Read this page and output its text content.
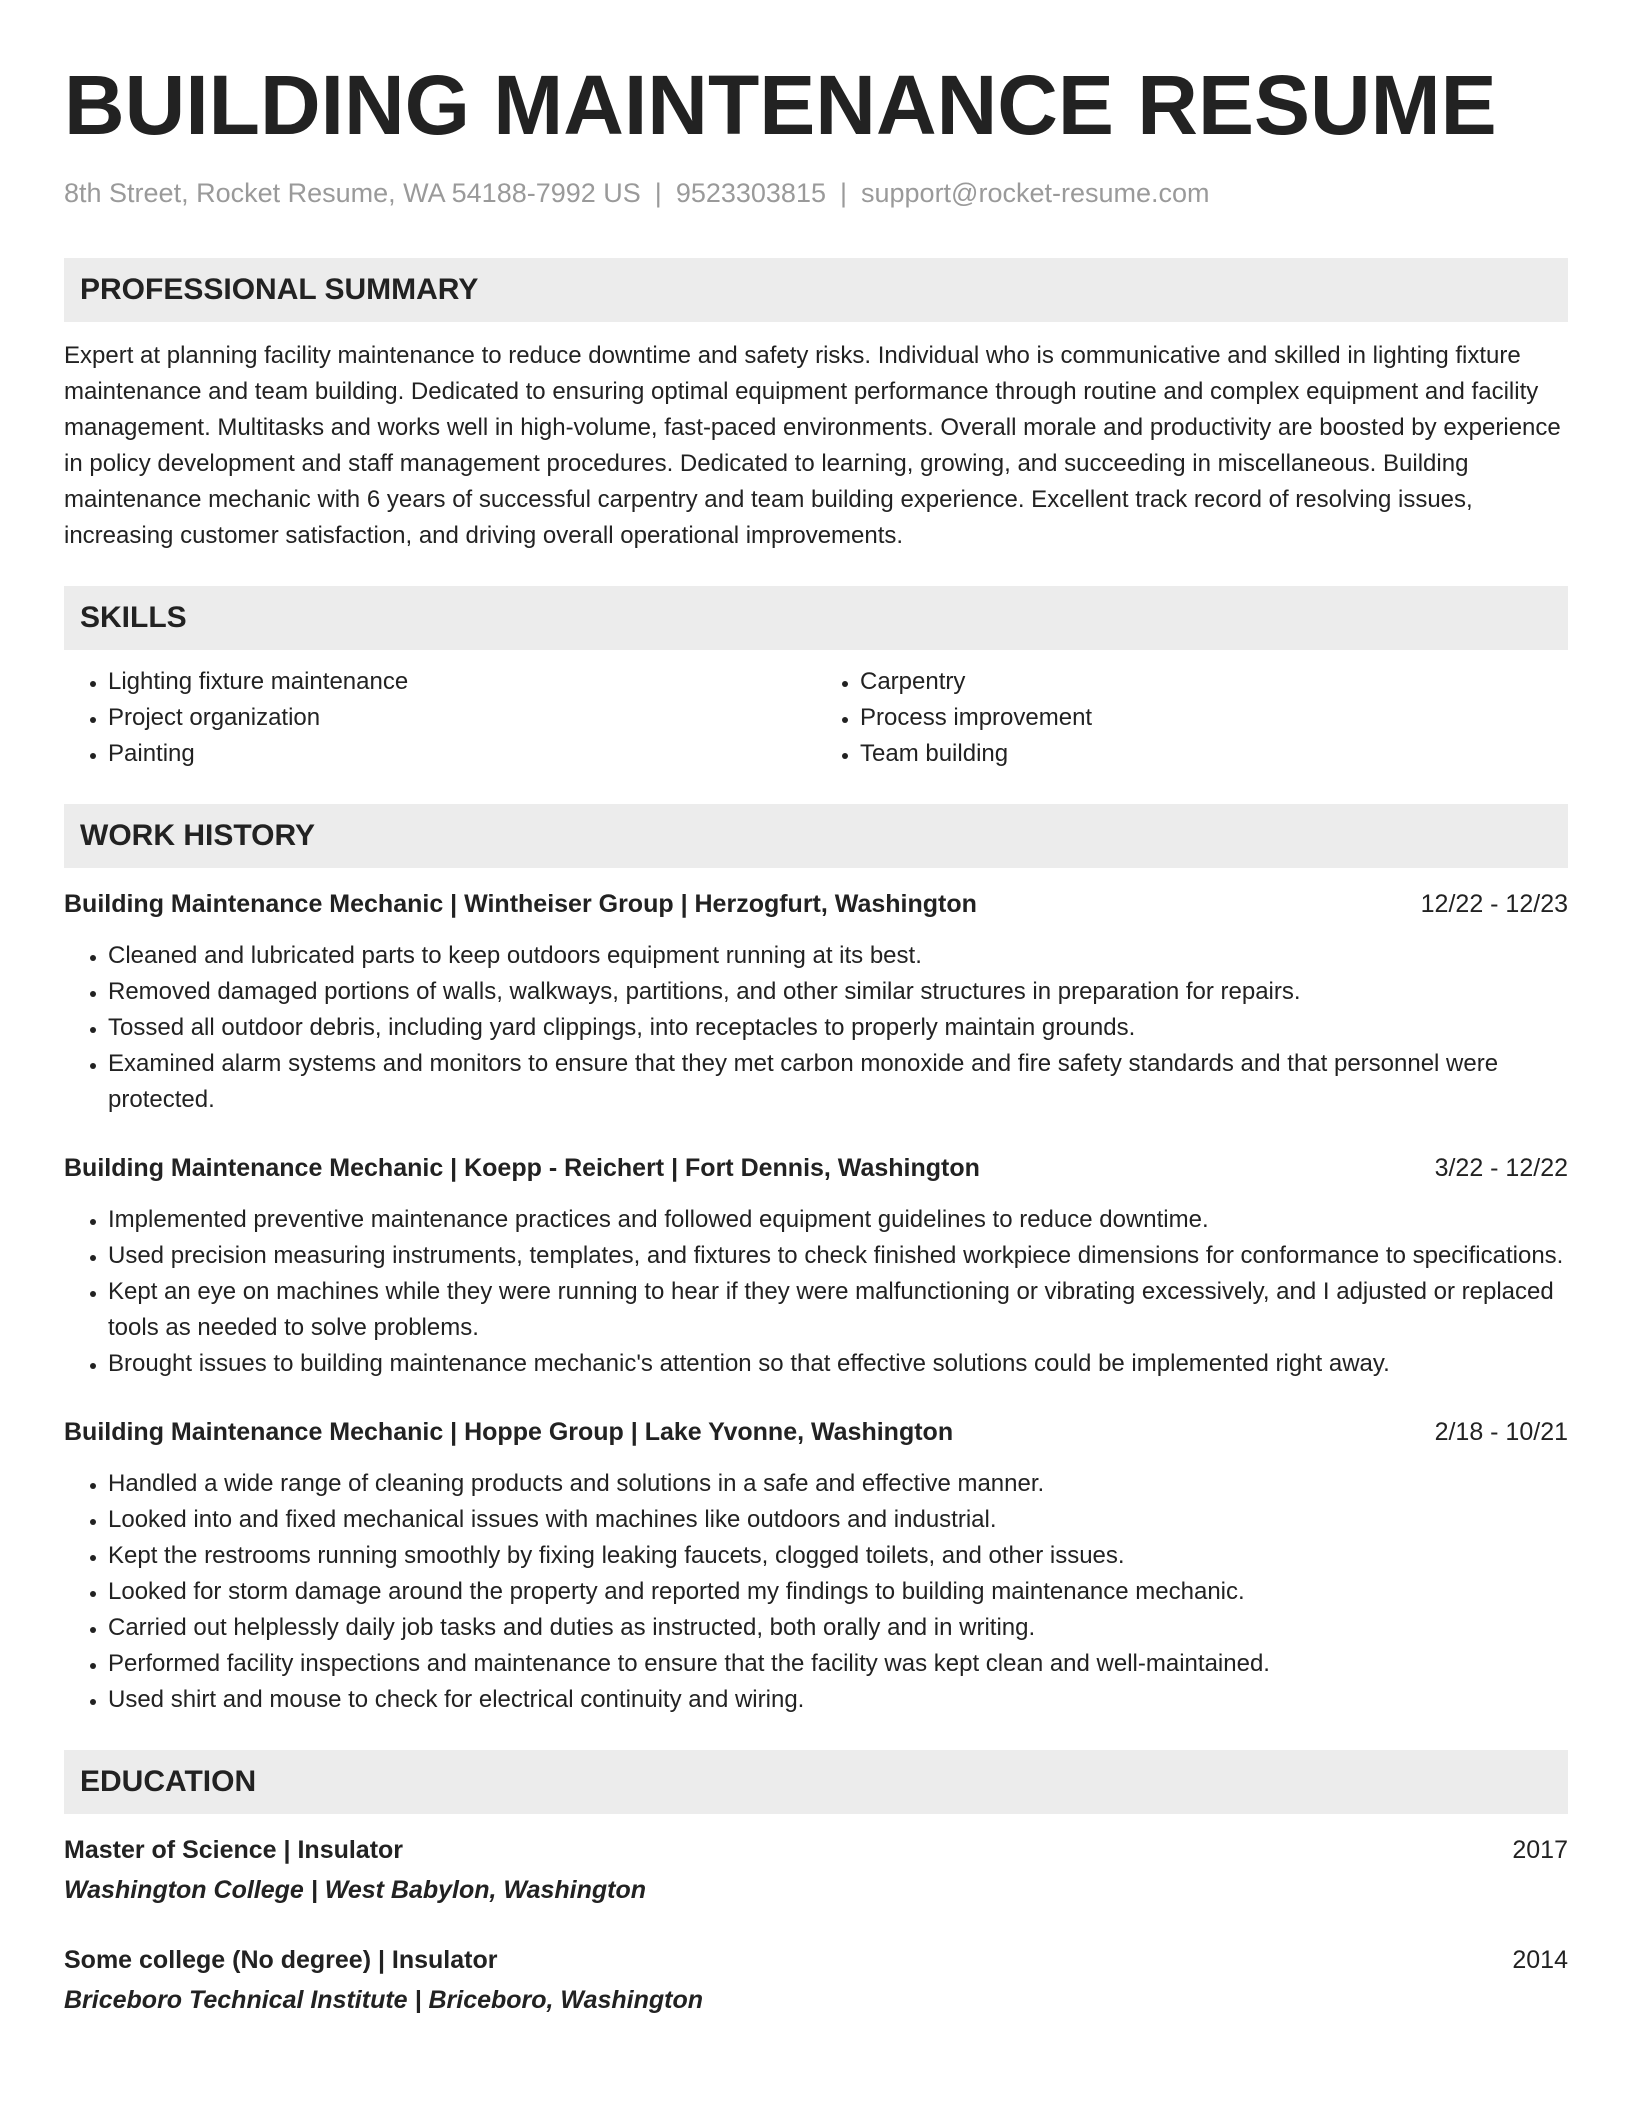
BUILDING MAINTENANCE RESUME
8th Street, Rocket Resume, WA 54188-7992 US | 9523303815 | support@rocket-resume.com
PROFESSIONAL SUMMARY
Expert at planning facility maintenance to reduce downtime and safety risks. Individual who is communicative and skilled in lighting fixture maintenance and team building. Dedicated to ensuring optimal equipment performance through routine and complex equipment and facility management. Multitasks and works well in high-volume, fast-paced environments. Overall morale and productivity are boosted by experience in policy development and staff management procedures. Dedicated to learning, growing, and succeeding in miscellaneous. Building maintenance mechanic with 6 years of successful carpentry and team building experience. Excellent track record of resolving issues, increasing customer satisfaction, and driving overall operational improvements.
SKILLS
• Lighting fixture maintenance
• Project organization
• Painting
• Carpentry
• Process improvement
• Team building
WORK HISTORY
Building Maintenance Mechanic | Wintheiser Group | Herzogfurt, Washington	12/22 - 12/23
• Cleaned and lubricated parts to keep outdoors equipment running at its best.
• Removed damaged portions of walls, walkways, partitions, and other similar structures in preparation for repairs.
• Tossed all outdoor debris, including yard clippings, into receptacles to properly maintain grounds.
• Examined alarm systems and monitors to ensure that they met carbon monoxide and fire safety standards and that personnel were protected.
Building Maintenance Mechanic | Koepp - Reichert | Fort Dennis, Washington	3/22 - 12/22
• Implemented preventive maintenance practices and followed equipment guidelines to reduce downtime.
• Used precision measuring instruments, templates, and fixtures to check finished workpiece dimensions for conformance to specifications.
• Kept an eye on machines while they were running to hear if they were malfunctioning or vibrating excessively, and I adjusted or replaced tools as needed to solve problems.
• Brought issues to building maintenance mechanic's attention so that effective solutions could be implemented right away.
Building Maintenance Mechanic | Hoppe Group | Lake Yvonne, Washington	2/18 - 10/21
• Handled a wide range of cleaning products and solutions in a safe and effective manner.
• Looked into and fixed mechanical issues with machines like outdoors and industrial.
• Kept the restrooms running smoothly by fixing leaking faucets, clogged toilets, and other issues.
• Looked for storm damage around the property and reported my findings to building maintenance mechanic.
• Carried out helplessly daily job tasks and duties as instructed, both orally and in writing.
• Performed facility inspections and maintenance to ensure that the facility was kept clean and well-maintained.
• Used shirt and mouse to check for electrical continuity and wiring.
EDUCATION
Master of Science | Insulator	2017
Washington College | West Babylon, Washington
Some college (No degree) | Insulator	2014
Briceboro Technical Institute | Briceboro, Washington
